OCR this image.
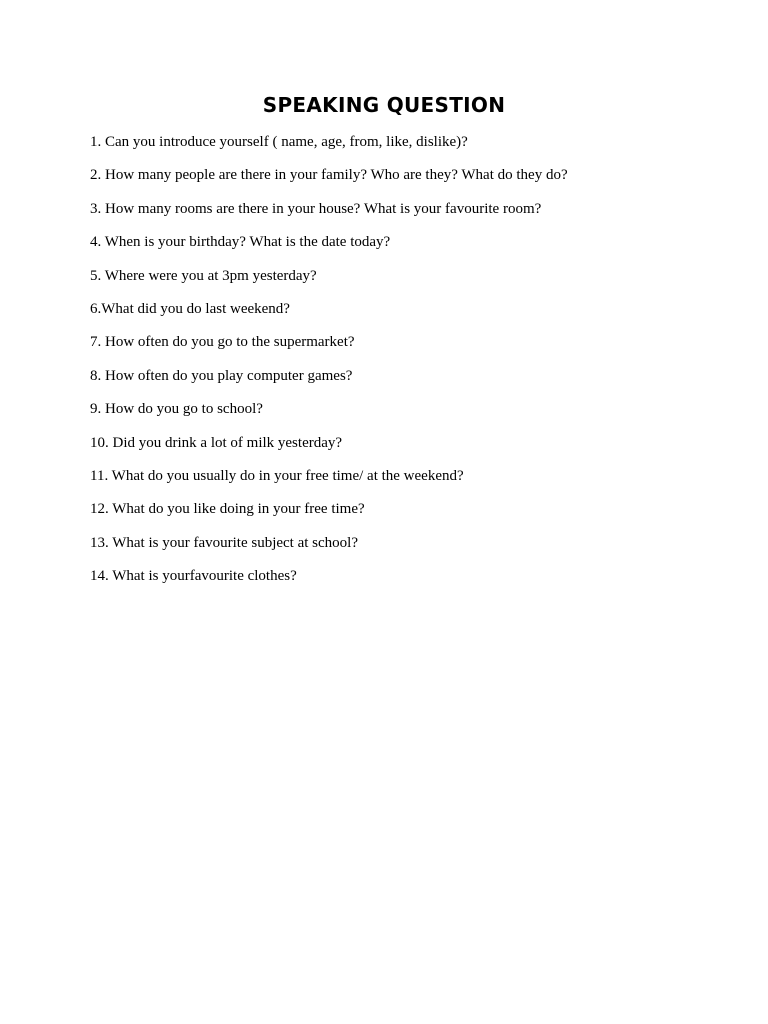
SPEAKING QUESTION
1. Can you introduce yourself ( name, age, from, like, dislike)?
2. How many people are there in your family? Who are they? What do they do?
3. How many rooms are there in your house? What is your favourite room?
4. When is your birthday? What is the date today?
5. Where were you at 3pm yesterday?
6.What did you do last weekend?
7. How often do you go to the supermarket?
8. How often do you play computer games?
9. How do you go to school?
10. Did you drink a lot of milk yesterday?
11. What do you usually do in your free time/ at the weekend?
12. What do you like doing in your free time?
13. What is your favourite subject at school?
14. What is yourfavourite clothes?
